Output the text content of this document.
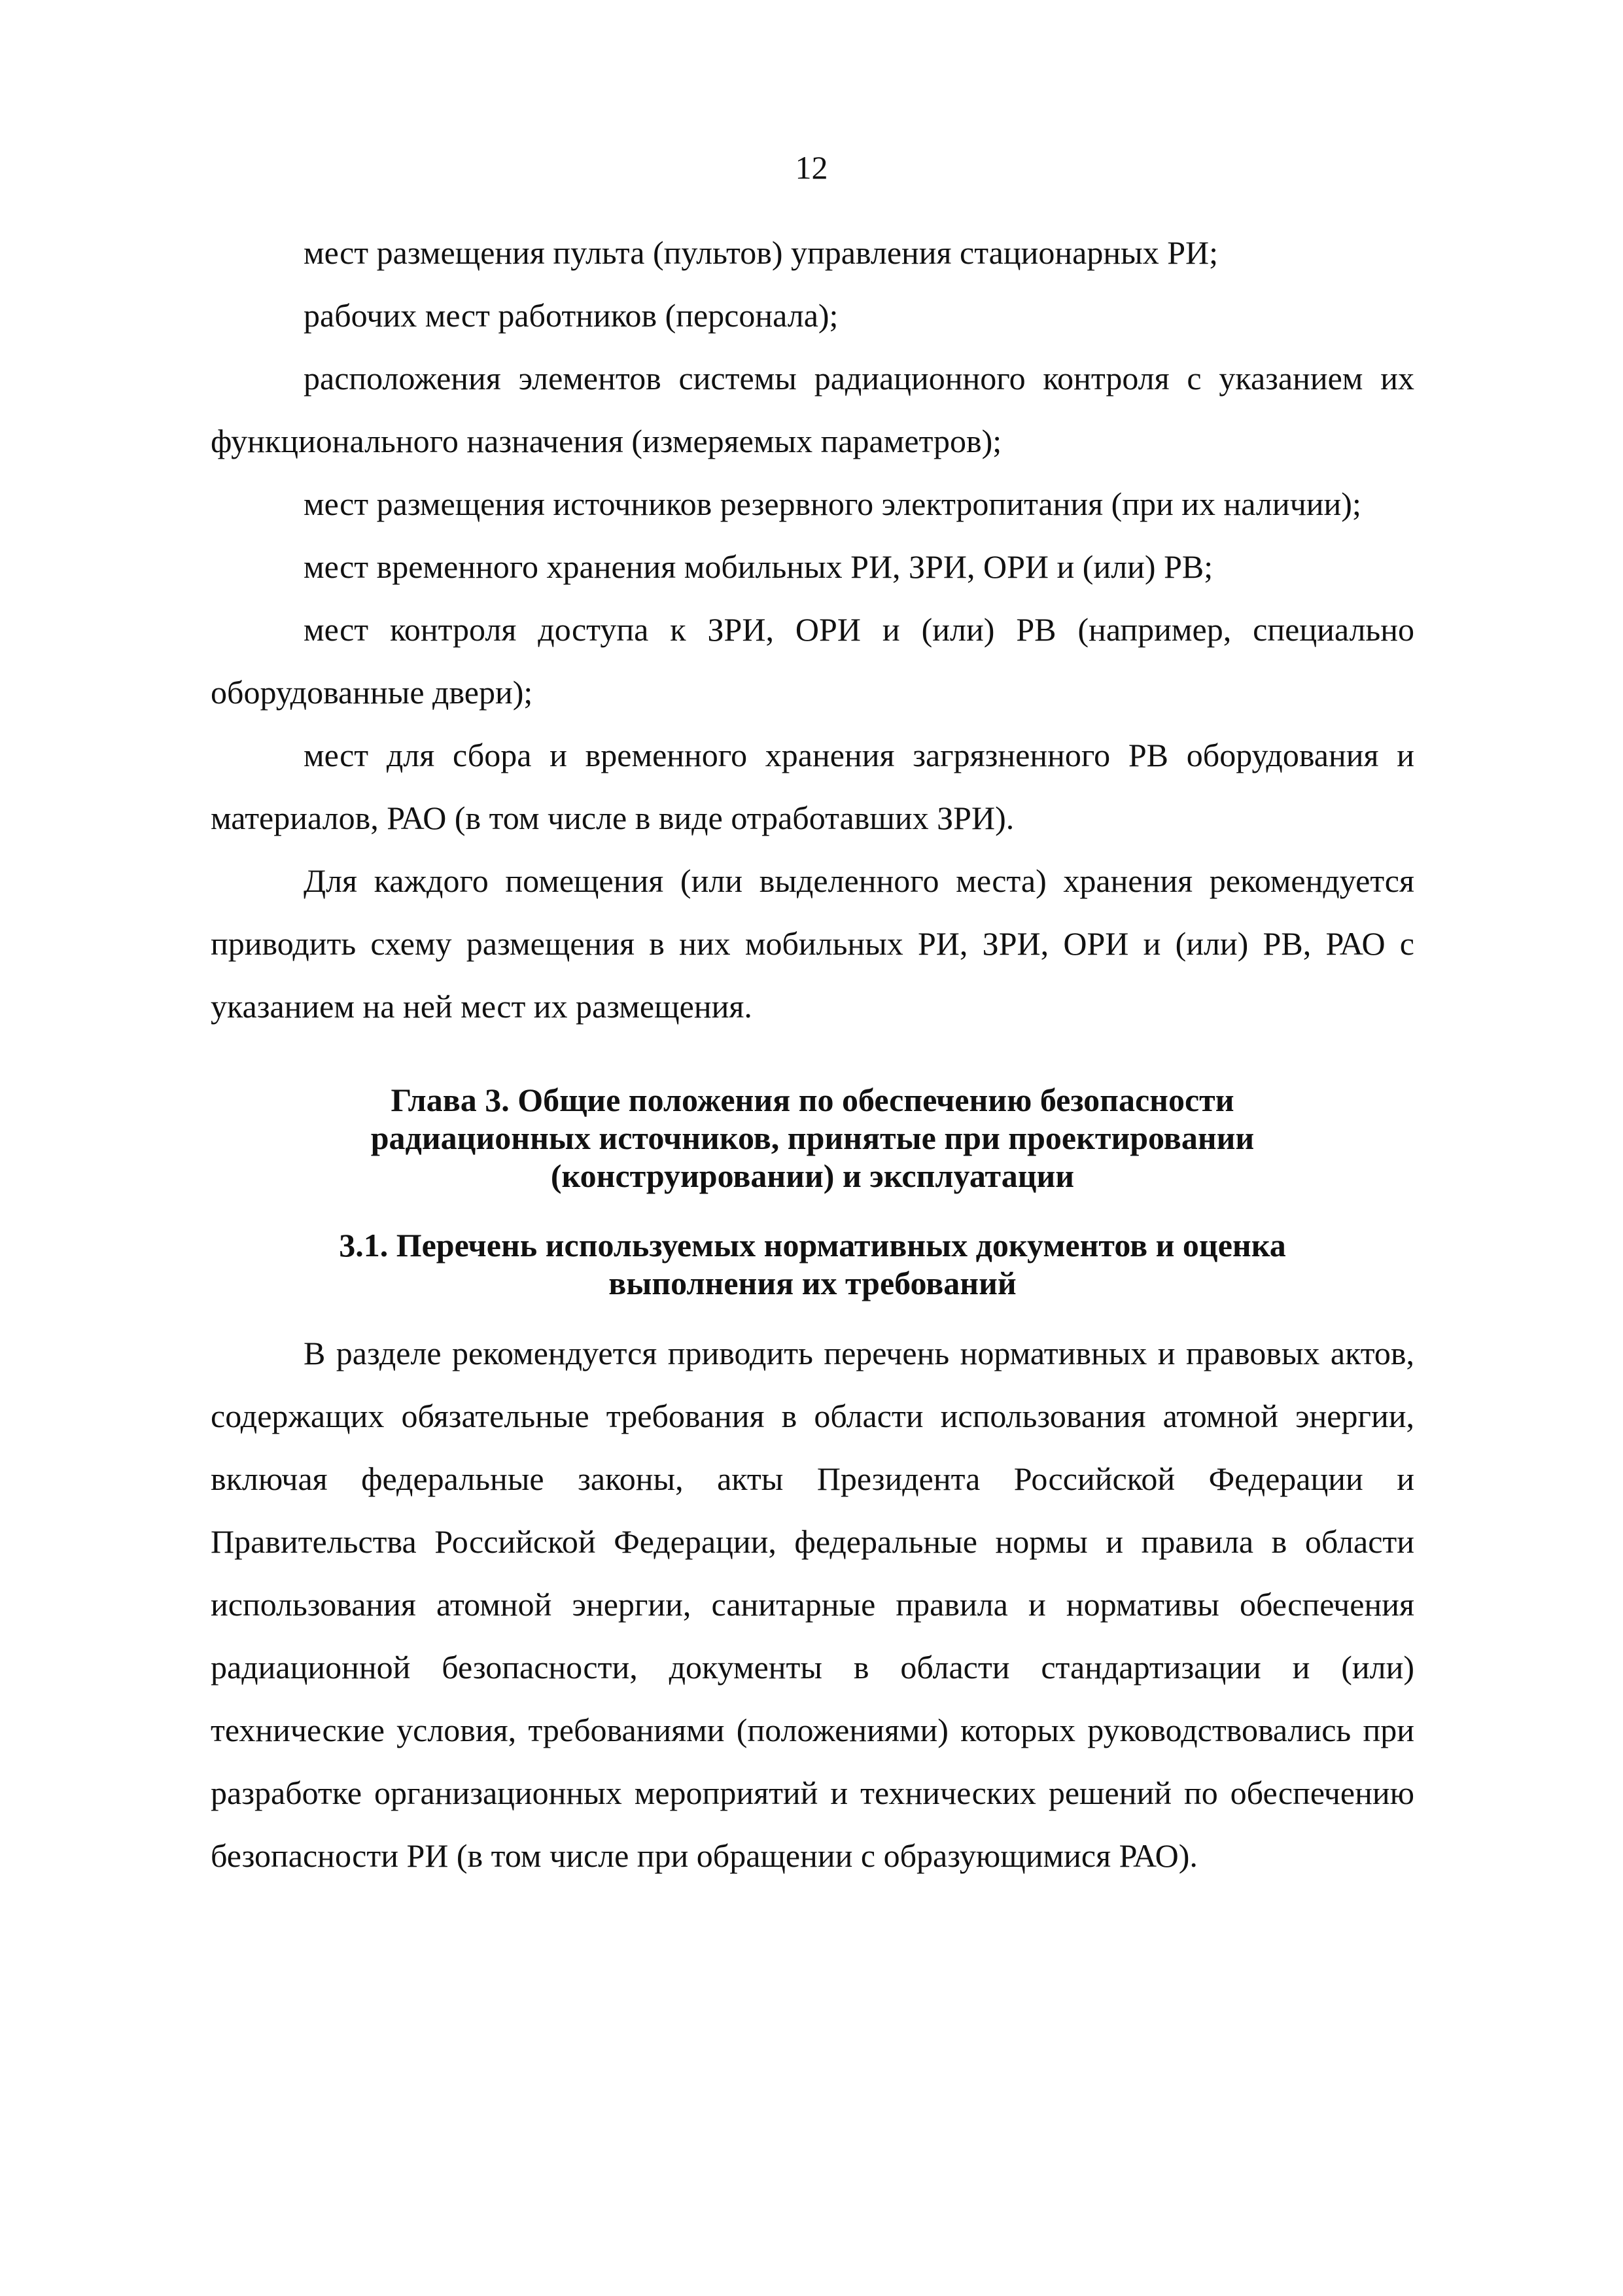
12

мест размещения пульта (пультов) управления стационарных РИ;

рабочих мест работников (персонала);

расположения элементов системы радиационного контроля с указанием их функционального назначения (измеряемых параметров);

мест размещения источников резервного электропитания (при их наличии);

мест временного хранения мобильных РИ, ЗРИ, ОРИ и (или) РВ;

мест контроля доступа к ЗРИ, ОРИ и (или) РВ (например, специально оборудованные двери);

мест для сбора и временного хранения загрязненного РВ оборудования и материалов, РАО (в том числе в виде отработавших ЗРИ).

Для каждого помещения (или выделенного места) хранения рекомендуется приводить схему размещения в них мобильных РИ, ЗРИ, ОРИ и (или) РВ, РАО с указанием на ней мест их размещения.

Глава 3. Общие положения по обеспечению безопасности
радиационных источников, принятые при проектировании
(конструировании) и эксплуатации
3.1. Перечень используемых нормативных документов и оценка
выполнения их требований

В разделе рекомендуется приводить перечень нормативных и правовых актов, содержащих обязательные требования в области использования атомной энергии, включая федеральные законы, акты Президента Российской Федерации и Правительства Российской Федерации, федеральные нормы и правила в области использования атомной энергии, санитарные правила и нормативы обеспечения радиационной безопасности, документы в области стандартизации и (или) технические условия, требованиями (положениями) которых руководствовались при разработке организационных мероприятий и технических решений по обеспечению безопасности РИ (в том числе при обращении с образующимися РАО).
